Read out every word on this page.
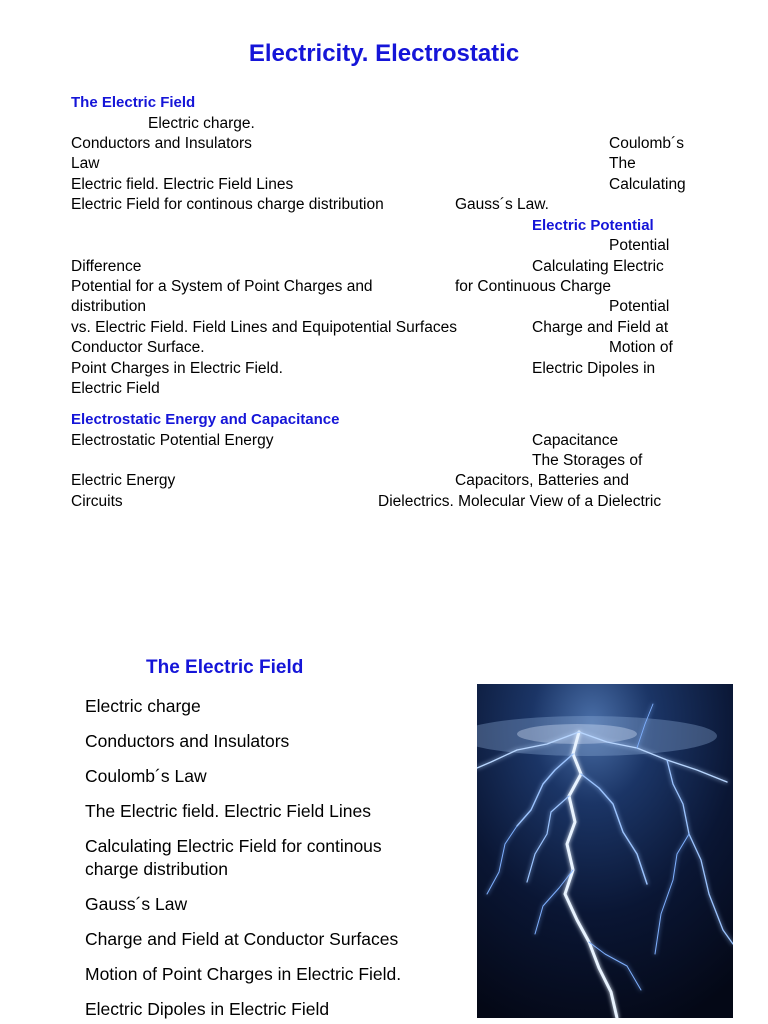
Electricity. Electrostatic
The Electric Field
Electric charge.
Conductors and Insulators	Coulomb´s
Law	The
Electric field. Electric Field Lines	Calculating
Electric Field for continous charge distribution	Gauss´s Law.
Electric Potential
Potential
Difference	Calculating Electric
Potential for a System of Point Charges and	for Continuous Charge
distribution	Potential
vs. Electric Field. Field Lines and Equipotential Surfaces	Charge and Field at
Conductor Surface.	Motion of
Point Charges in Electric Field.	Electric Dipoles in
Electric Field
Electrostatic Energy and Capacitance
Electrostatic Potential Energy	Capacitance
The Storages of
Electric Energy	Capacitors, Batteries and
Circuits	Dielectrics. Molecular View of a Dielectric
The Electric Field
Electric charge
Conductors and Insulators
Coulomb´s Law
The Electric field. Electric Field Lines
Calculating Electric Field for continous charge distribution
Gauss´s Law
Charge and Field at Conductor Surfaces
Motion of Point Charges in Electric Field.
Electric Dipoles in Electric Field
